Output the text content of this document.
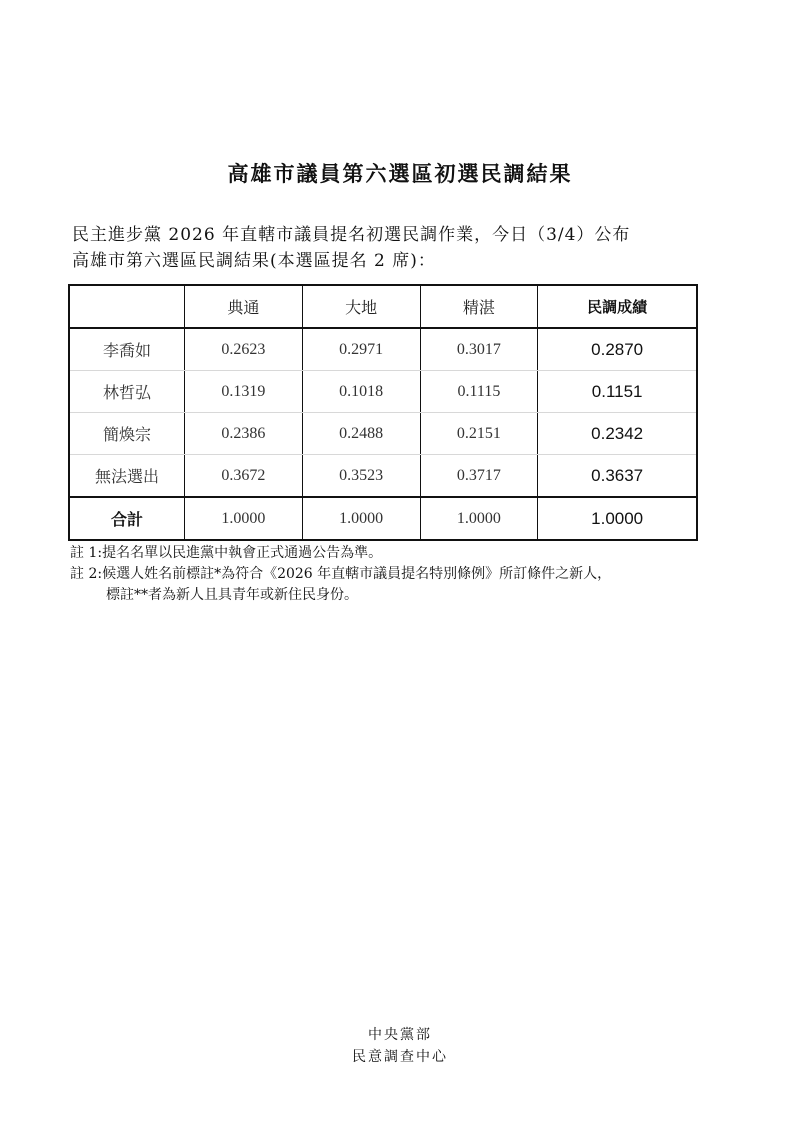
高雄市議員第六選區初選民調結果
民主進步黨 2026 年直轄市議員提名初選民調作業，今日（3/4）公布
高雄市第六選區民調結果(本選區提名 2 席)：
	典通	大地	精湛	民調成績
李喬如	0.2623	0.2971	0.3017	0.2870
林哲弘	0.1319	0.1018	0.1115	0.1151
簡煥宗	0.2386	0.2488	0.2151	0.2342
無法選出	0.3672	0.3523	0.3717	0.3637
合計	1.0000	1.0000	1.0000	1.0000
註 1:提名名單以民進黨中執會正式通過公告為準。
註 2:候選人姓名前標註*為符合《2026 年直轄市議員提名特別條例》所訂條件之新人，
標註**者為新人且具青年或新住民身份。
中央黨部
民意調查中心
